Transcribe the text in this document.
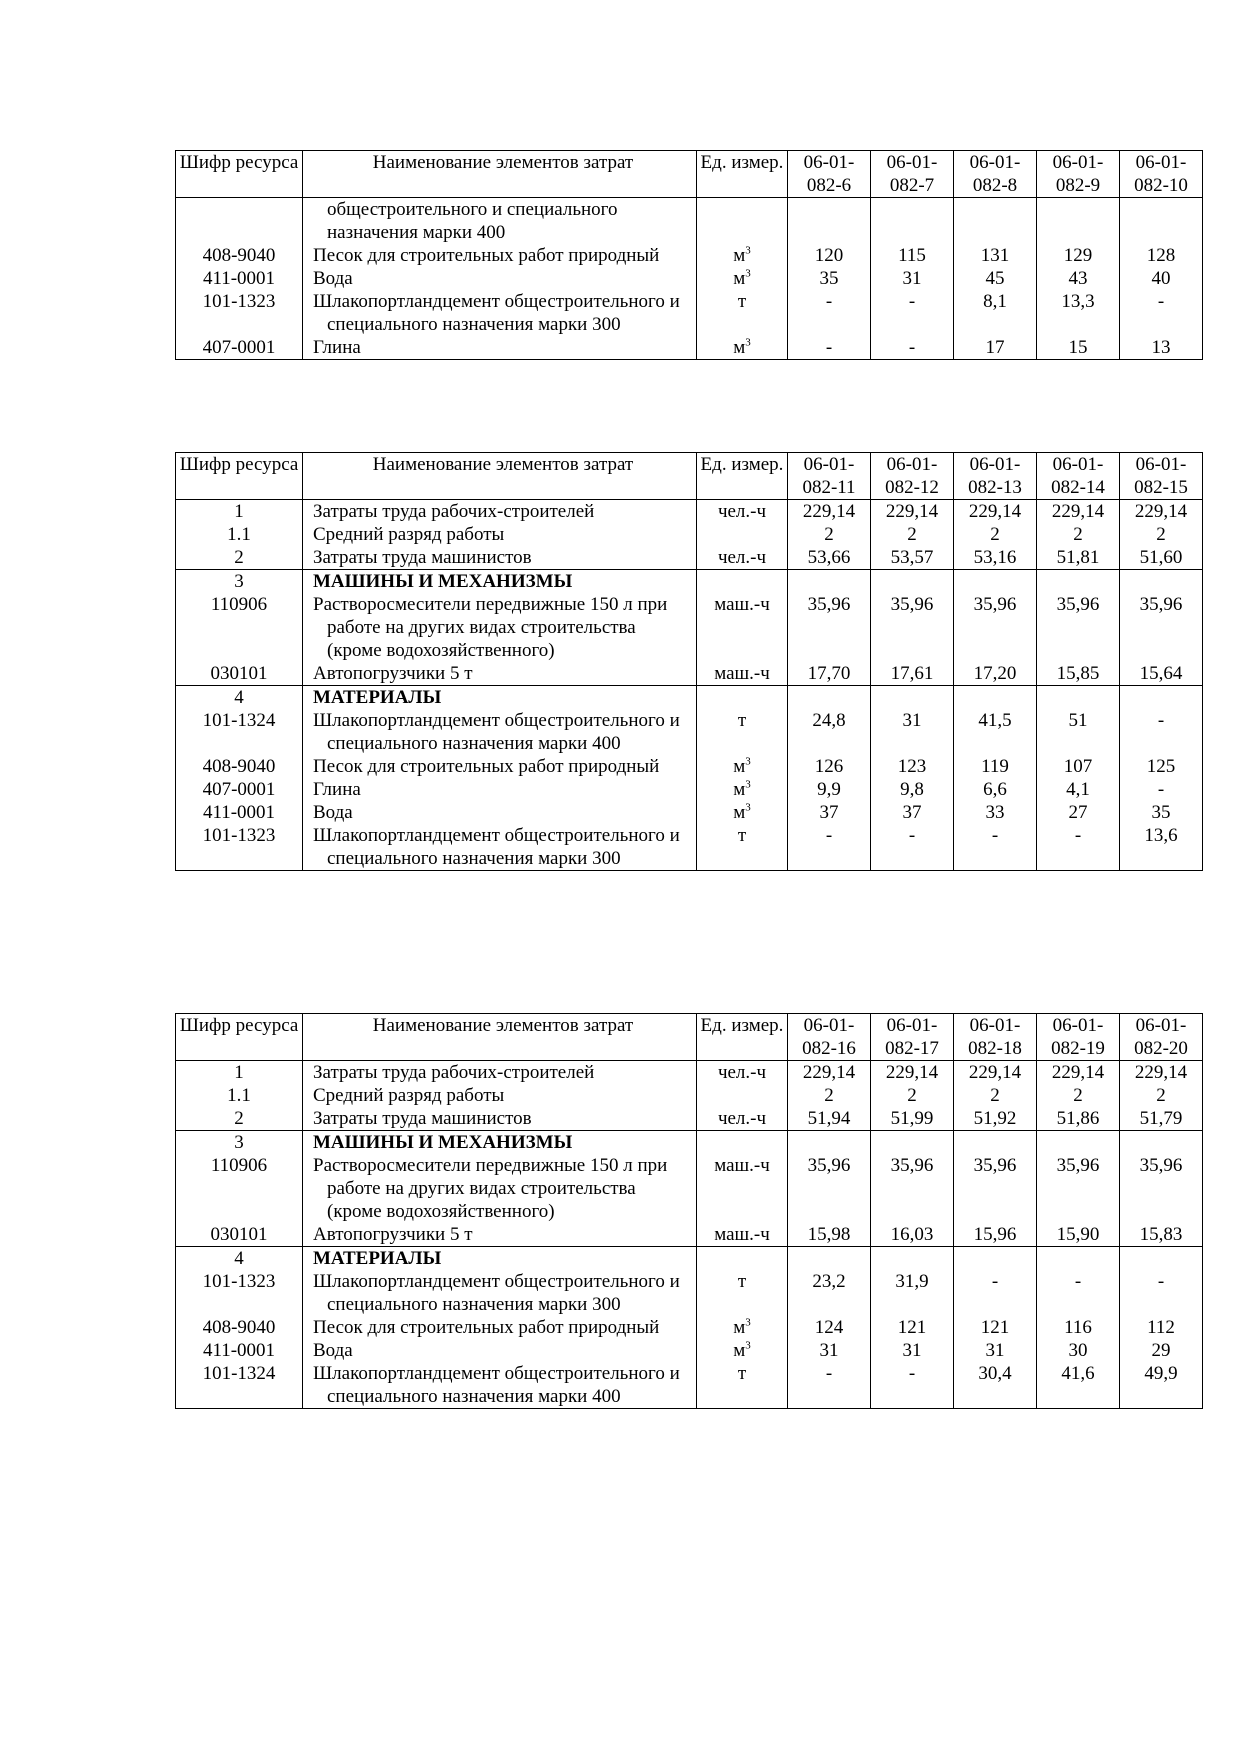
Шифр ресурса	Наименование элементов затрат	Ед. измер.	06-01-082-6	06-01-082-7	06-01-082-8	06-01-082-9	06-01-082-10

	общестроительного и специального назначения марки 400						

408-9040	Песок для строительных работ природный	$м^3$	120	115	131	129	128
411-0001	Вода	$м^3$	35	31	45	43	40
101-1323	Шлакопортландцемент общестроительного и специального назначения марки 300	т	-	-	8,1	13,3	-
407-0001	Глина	$м^3$	-	-	17	15	13
Шифр ресурса	Наименование элементов затрат	Ед. измер.	06-01-082-11	06-01-082-12	06-01-082-13	06-01-082-14	06-01-082-15
1	Затраты труда рабочих-строителей	чел.-ч	229,14	229,14	229,14	229,14	229,14
1.1	Средний разряд работы		2	2	2	2	2
2	Затраты труда машинистов	чел.-ч	53,66	53,57	53,16	51,81	51,60
3	МАШИНЫ И МЕХАНИЗМЫ						

110906	Растворосмесители передвижные 150 л при работе на других видах строительства (кроме водохозяйственного)	маш.-ч	35,96	35,96	35,96	35,96	35,96
030101	Автопогрузчики 5 т	маш.-ч	17,70	17,61	17,20	15,85	15,64
4	МАТЕРИАЛЫ						

101-1324	Шлакопортландцемент общестроительного и специального назначения марки 400	т	24,8	31	41,5	51	-
408-9040	Песок для строительных работ природный	$м^3$	126	123	119	107	125
407-0001	Глина	$м^3$	9,9	9,8	6,6	4,1	-
411-0001	Вода	$м^3$	37	37	33	27	35
101-1323	Шлакопортландцемент общестроительного и специального назначения марки 300	т	-	-	-	-	13,6
Шифр ресурса	Наименование элементов затрат	Ед. измер.	06-01-082-16	06-01-082-17	06-01-082-18	06-01-082-19	06-01-082-20
1	Затраты труда рабочих-строителей	чел.-ч	229,14	229,14	229,14	229,14	229,14
1.1	Средний разряд работы		2	2	2	2	2
2	Затраты труда машинистов	чел.-ч	51,94	51,99	51,92	51,86	51,79
3	МАШИНЫ И МЕХАНИЗМЫ						

110906	Растворосмесители передвижные 150 л при работе на других видах строительства (кроме водохозяйственного)	маш.-ч	35,96	35,96	35,96	35,96	35,96
030101	Автопогрузчики 5 т	маш.-ч	15,98	16,03	15,96	15,90	15,83
4	МАТЕРИАЛЫ						

101-1323	Шлакопортландцемент общестроительного и специального назначения марки 300	т	23,2	31,9	-	-	-
408-9040	Песок для строительных работ природный	$м^3$	124	121	121	116	112
411-0001	Вода	$м^3$	31	31	31	30	29
101-1324	Шлакопортландцемент общестроительного и специального назначения марки 400	т	-	-	30,4	41,6	49,9
